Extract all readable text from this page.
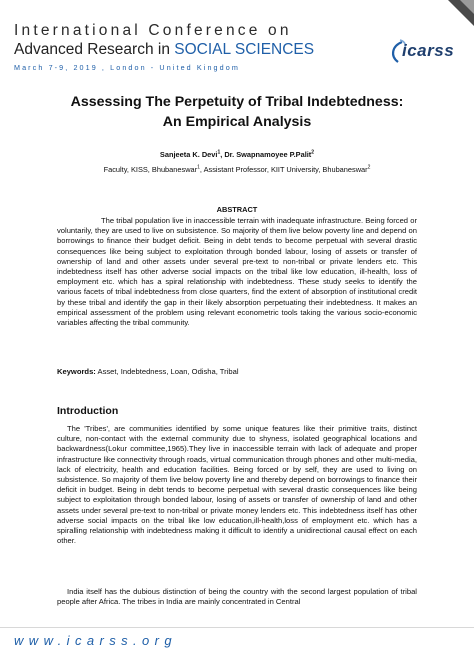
International Conference on
Advanced Research in SOCIAL SCIENCES
March 7-9, 2019 , London - United Kingdom
icarss
Assessing The Perpetuity of Tribal Indebtedness:
An Empirical Analysis
Sanjeeta K. Devi$^1$, Dr. Swapnamoyee P.Palit$^2$
Faculty, KISS, Bhubaneswar$^1$, Assistant Professor, KIIT University, Bhubaneswar$^2$
ABSTRACT
The tribal population live in inaccessible terrain with inadequate infrastructure. Being forced or voluntarily, they are used to live on subsistence. So majority of them live below poverty line and depend on borrowings to finance their budget deficit. Being in debt tends to become perpetual with several drastic consequences like being subject to exploitation through bonded labour, losing of assets or transfer of ownership of land and other assets under several pre-text to non-tribal or private lenders etc. This indebtedness itself has other adverse social impacts on the tribal like low education, ill-health, loss of employment etc. which has a spiral relationship with indebtedness. These study seeks to identify the various facets of tribal indebtedness from close quarters, find the extent of absorption of institutional credit by these tribal and identify the gap in their likely absorption perpetuating their indebtedness. It makes an empirical assessment of the problem using relevant econometric tools taking the various socio-economic variables affecting the tribal community.
Keywords: Asset, Indebtedness, Loan, Odisha, Tribal
Introduction
The 'Tribes', are communities identified by some unique features like their primitive traits, distinct culture, non-contact with the external community due to shyness, isolated geographical locations and backwardness(Lokur committee,1965).They live in inaccessible terrain with lack of adequate and proper infrastructure like connectivity through roads, virtual communication through phones and other multi-media, lack of electricity, health and education facilities. Being forced or by self, they are used to living on subsistence. So majority of them live below poverty line and thereby depend on borrowings to finance their deficit in budget. Being in debt tends to become perpetual with several drastic consequences like being subject to exploitation through bonded labour, losing of assets or transfer of ownership of land and other assets under several pre-text to non-tribal or private money lenders etc. This indebtedness itself has other adverse social impacts on the tribal like low education,ill-health,loss of employment etc. which has a spiralling relationship with indebtedness making it difficult to identify a unidirectional causal effect on each other.
India itself has the dubious distinction of being the country with the second largest population of tribal people after Africa. The tribes in India are mainly concentrated in Central
www.icarss.org
